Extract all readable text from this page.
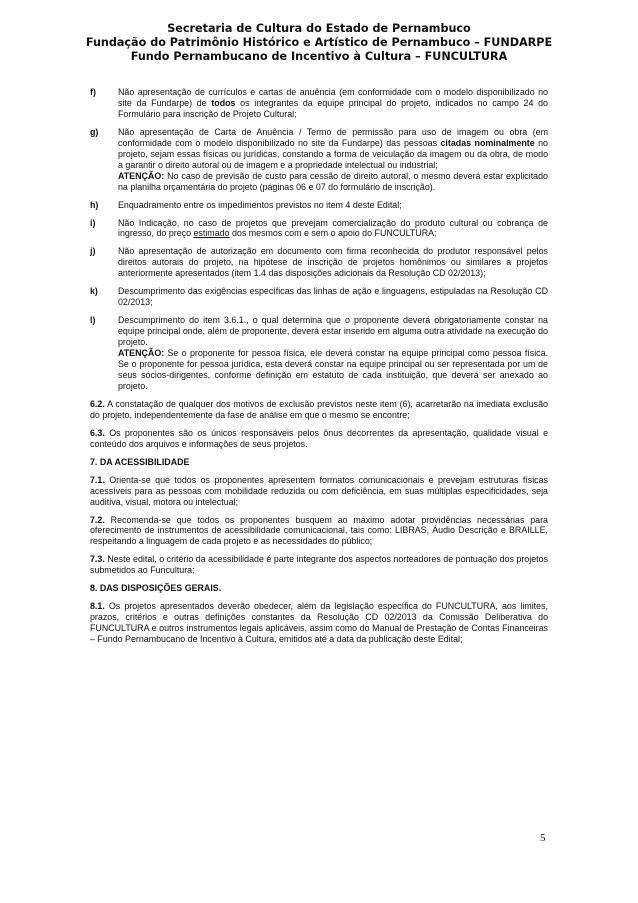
Secretaria de Cultura do Estado de Pernambuco
Fundação do Patrimônio Histórico e Artístico de Pernambuco – FUNDARPE
Fundo Pernambucano de Incentivo à Cultura – FUNCULTURA
f) Não apresentação de currículos e cartas de anuência (em conformidade com o modelo disponibilizado no site da Fundarpe) de todos os integrantes da equipe principal do projeto, indicados no campo 24 do Formulário para inscrição de Projeto Cultural;

g) Não apresentação de Carta de Anuência / Termo de permissão para uso de imagem ou obra (em conformidade com o modelo disponibilizado no site da Fundarpe) das pessoas citadas nominalmente no projeto, sejam essas físicas ou jurídicas, constando a forma de veiculação da imagem ou da obra, de modo a garantir o direito autoral ou de imagem e a propriedade intelectual ou industrial;

ATENÇÃO: No caso de previsão de custo para cessão de direito autoral, o mesmo deverá estar explicitado na planilha orçamentária do projeto (páginas 06 e 07 do formulário de inscrição).

h) Enquadramento entre os impedimentos previstos no item 4 deste Edital;

i)	Não Indicação, no caso de projetos que prevejam comercialização do produto cultural ou cobrança de ingresso, do preço estimado dos mesmos com e sem o apoio do FUNCULTURA;

j)	Não apresentação de autorização em documento com firma reconhecida do produtor responsável pelos direitos autorais do projeto, na hipótese de inscrição de projetos homônimos ou similares a projetos anteriormente apresentados (item 1.4 das disposições adicionais da Resolução CD 02/2013);

k) Descumprimento das exigências específicas das linhas de ação e linguagens, estipuladas na Resolução CD 02/2013;

l)	Descumprimento do item 3.6.1., o qual determina que o proponente deverá obrigatoriamente constar na equipe principal onde, além de proponente, deverá estar inserido em alguma outra atividade na execução do projeto.

ATENÇÃO: Se o proponente for pessoa física, ele deverá constar na equipe principal como pessoa física. Se o proponente for pessoa jurídica, esta deverá constar na equipe principal ou ser representada por um de seus sócios-dirigentes, conforme definição em estatuto de cada instituição, que deverá ser anexado ao projeto.

6.2. A constatação de qualquer dos motivos de exclusão previstos neste item (6), acarretarão na imediata exclusão do projeto, independentemente da fase de análise em que o mesmo se encontre;

6.3. Os proponentes são os únicos responsáveis pelos ônus decorrentes da apresentação, qualidade visual e conteúdo dos arquivos e informações de seus projetos.

7. DA ACESSIBILIDADE

7.1. Orienta-se que todos os proponentes apresentem formatos comunicacionais e prevejam estruturas físicas acessíveis para as pessoas com mobilidade reduzida ou com deficiência, em suas múltiplas especificidades, seja auditiva, visual, motora ou intelectual;

7.2. Recomenda-se que todos os proponentes busquem ao máximo adotar providências necessárias para oferecimento de instrumentos de acessibilidade comunicacional, tais como: LIBRAS, Áudio Descrição e BRAILLE, respeitando a linguagem de cada projeto e as necessidades do público;

7.3. Neste edital, o critério da acessibilidade é parte integrante dos aspectos norteadores de pontuação dos projetos submetidos ao Funcultura;

8. DAS DISPOSIÇÕES GERAIS.

8.1. Os projetos apresentados deverão obedecer, além da legislação específica do FUNCULTURA, aos limites, prazos, critérios e outras definições constantes da Resolução CD 02/2013 da Comissão Deliberativa do FUNCULTURA e outros instrumentos legais aplicáveis, assim como do Manual de Prestação de Contas Financeiras – Fundo Pernambucano de Incentivo à Cultura, emitidos até a data da publicação deste Edital;

5
